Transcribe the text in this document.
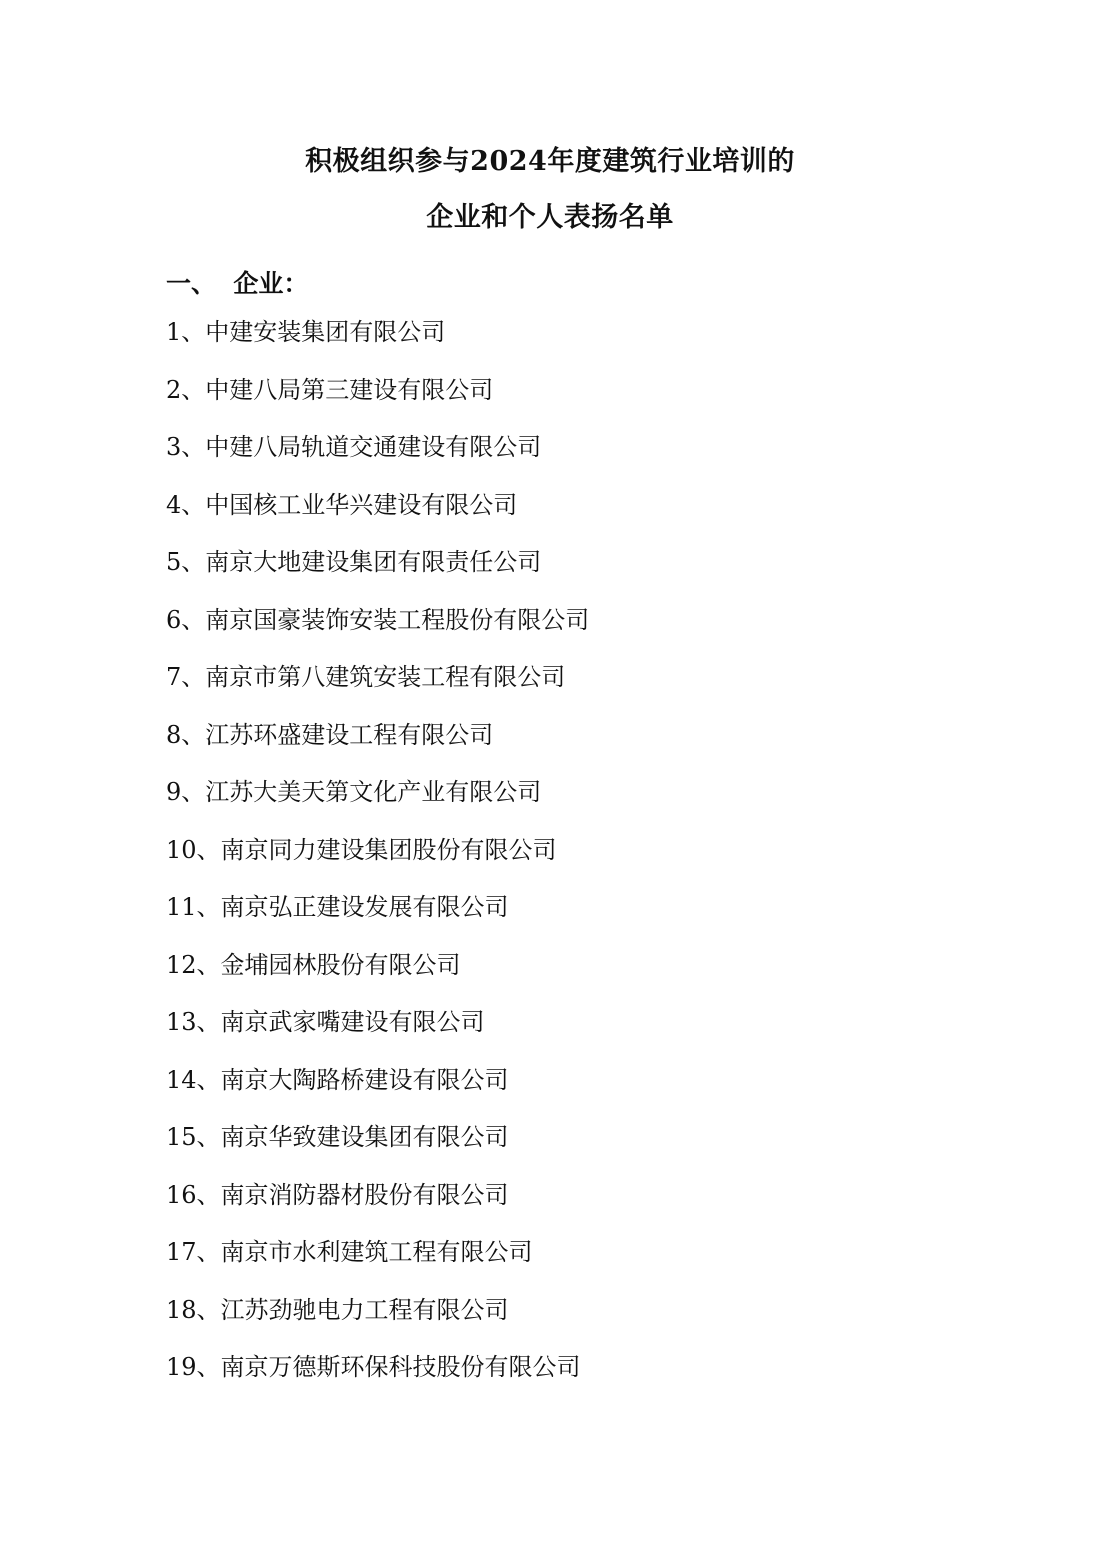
积极组织参与2024年度建筑行业培训的
企业和个人表扬名单
一、  企业：
1、中建安装集团有限公司
2、中建八局第三建设有限公司
3、中建八局轨道交通建设有限公司
4、中国核工业华兴建设有限公司
5、南京大地建设集团有限责任公司
6、南京国豪装饰安装工程股份有限公司
7、南京市第八建筑安装工程有限公司
8、江苏环盛建设工程有限公司
9、江苏大美天第文化产业有限公司
10、南京同力建设集团股份有限公司
11、南京弘正建设发展有限公司
12、金埔园林股份有限公司
13、南京武家嘴建设有限公司
14、南京大陶路桥建设有限公司
15、南京华致建设集团有限公司
16、南京消防器材股份有限公司
17、南京市水利建筑工程有限公司
18、江苏劲驰电力工程有限公司
19、南京万德斯环保科技股份有限公司
